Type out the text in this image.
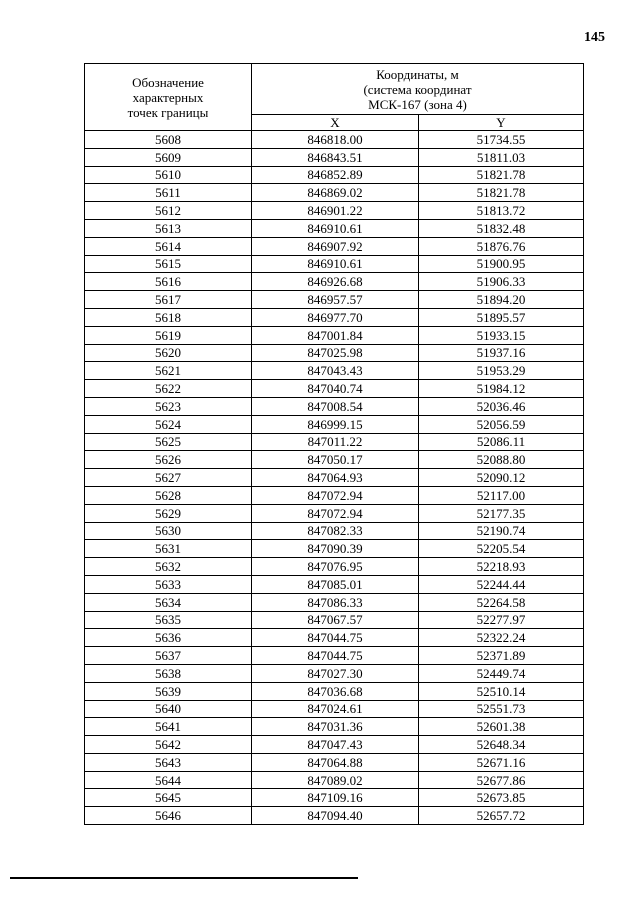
145
Обозначение
характерных
точек границы	Координаты, м
(система координат
МСК-167 (зона 4)	
	X	Y
5608	846818.00	51734.55
5609	846843.51	51811.03
5610	846852.89	51821.78
5611	846869.02	51821.78
5612	846901.22	51813.72
5613	846910.61	51832.48
5614	846907.92	51876.76
5615	846910.61	51900.95
5616	846926.68	51906.33
5617	846957.57	51894.20
5618	846977.70	51895.57
5619	847001.84	51933.15
5620	847025.98	51937.16
5621	847043.43	51953.29
5622	847040.74	51984.12
5623	847008.54	52036.46
5624	846999.15	52056.59
5625	847011.22	52086.11
5626	847050.17	52088.80
5627	847064.93	52090.12
5628	847072.94	52117.00
5629	847072.94	52177.35
5630	847082.33	52190.74
5631	847090.39	52205.54
5632	847076.95	52218.93
5633	847085.01	52244.44
5634	847086.33	52264.58
5635	847067.57	52277.97
5636	847044.75	52322.24
5637	847044.75	52371.89
5638	847027.30	52449.74
5639	847036.68	52510.14
5640	847024.61	52551.73
5641	847031.36	52601.38
5642	847047.43	52648.34
5643	847064.88	52671.16
5644	847089.02	52677.86
5645	847109.16	52673.85
5646	847094.40	52657.72
